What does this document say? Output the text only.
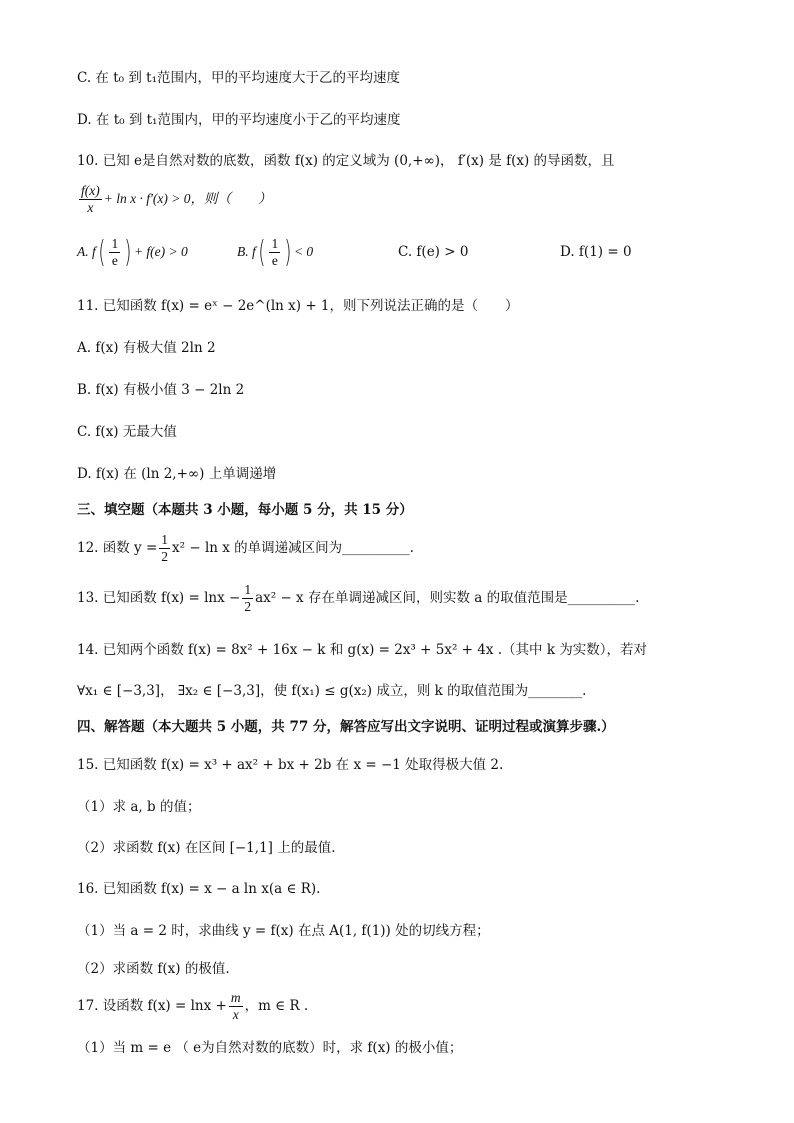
C. 在 t₀ 到 t₁范围内，甲的平均速度大于乙的平均速度
D. 在 t₀ 到 t₁范围内，甲的平均速度小于乙的平均速度
10. 已知 e是自然对数的底数，函数 f(x) 的定义域为 (0,+∞)， f′(x) 是 f(x) 的导函数，且
$\frac{f(x)}{x} + \ln x \cdot f'(x) > 0$，则（　　）
A. f ( $\frac{1}{e}$ ) + f(e) > 0	B. f ( $\frac{1}{e}$ ) < 0	C. f(e) > 0	D. f(1) = 0
11. 已知函数 f(x) = eˣ − 2e^(ln x) + 1，则下列说法正确的是（　　）
A. f(x) 有极大值 2ln 2
B. f(x) 有极小值 3 − 2ln 2
C. f(x) 无最大值
D. f(x) 在 (ln 2,+∞) 上单调递增
三、填空题（本题共 3 小题，每小题 5 分，共 15 分）
12. 函数 $y = \frac{1}{2} x^2 - \ln x$ 的单调递减区间为__________.
13. 已知函数 $f(x) = \ln x - \frac{1}{2} ax^2 - x$ 存在单调递减区间，则实数 a 的取值范围是__________.
14. 已知两个函数 f(x) = 8x² + 16x − k 和 g(x) = 2x³ + 5x² + 4x .（其中 k 为实数），若对
∀x₁ ∈ [−3,3]， ∃x₂ ∈ [−3,3]，使 f(x₁) ≤ g(x₂) 成立，则 k 的取值范围为________.
四、解答题（本大题共 5 小题，共 77 分，解答应写出文字说明、证明过程或演算步骤.）
15. 已知函数 f(x) = x³ + ax² + bx + 2b 在 x = −1 处取得极大值 2.
（1）求 a, b 的值；
（2）求函数 f(x) 在区间 [−1,1] 上的最值.
16. 已知函数 f(x) = x − a ln x(a ∈ R).
（1）当 a = 2 时，求曲线 y = f(x) 在点 A(1, f(1)) 处的切线方程；
（2）求函数 f(x) 的极值.
17. 设函数 $f(x) = \ln x + \frac{m}{x}$ ，m ∈ R .
（1）当 m = e （ e为自然对数的底数）时，求 f(x) 的极小值；
